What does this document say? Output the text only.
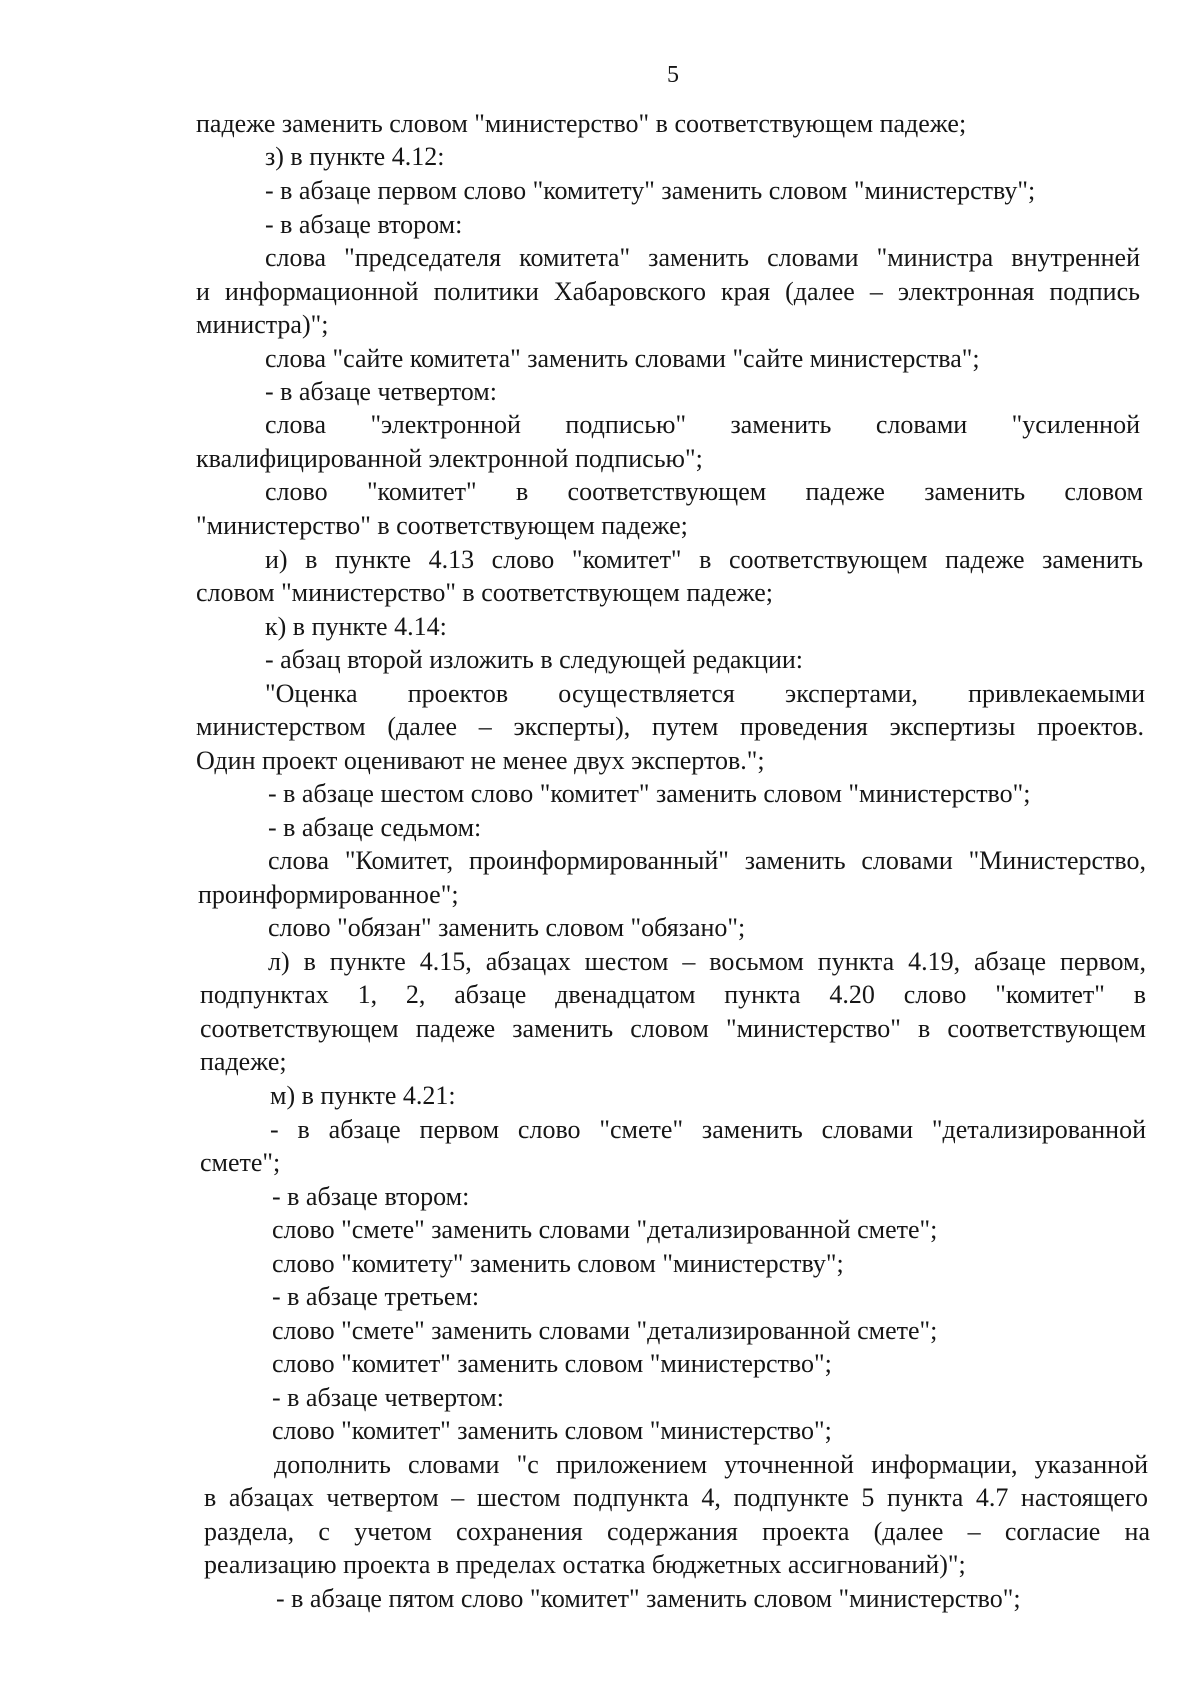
5
падеже заменить словом "министерство" в соответствующем падеже;
з) в пункте 4.12:
- в абзаце первом слово "комитету" заменить словом "министерству";
- в абзаце втором:
слова "председателя комитета" заменить словами "министра внутренней
и информационной политики Хабаровского края (далее – электронная подпись
министра)";
слова "сайте комитета" заменить словами "сайте министерства";
- в абзаце четвертом:
слова "электронной подписью" заменить словами "усиленной
квалифицированной электронной подписью";
слово "комитет" в соответствующем падеже заменить словом
"министерство" в соответствующем падеже;
и) в пункте 4.13 слово "комитет" в соответствующем падеже заменить
словом "министерство" в соответствующем падеже;
к) в пункте 4.14:
- абзац второй изложить в следующей редакции:
"Оценка проектов осуществляется экспертами, привлекаемыми
министерством (далее – эксперты), путем проведения экспертизы проектов.
Один проект оценивают не менее двух экспертов.";
- в абзаце шестом слово "комитет" заменить словом "министерство";
- в абзаце седьмом:
слова "Комитет, проинформированный" заменить словами "Министерство,
проинформированное";
слово "обязан" заменить словом "обязано";
л) в пункте 4.15, абзацах шестом – восьмом пункта 4.19, абзаце первом,
подпунктах 1, 2, абзаце двенадцатом пункта 4.20 слово "комитет" в
соответствующем падеже заменить словом "министерство" в соответствующем
падеже;
м) в пункте 4.21:
- в абзаце первом слово "смете" заменить словами "детализированной
смете";
- в абзаце втором:
слово "смете" заменить словами "детализированной смете";
слово "комитету" заменить словом "министерству";
- в абзаце третьем:
слово "смете" заменить словами "детализированной смете";
слово "комитет" заменить словом "министерство";
- в абзаце четвертом:
слово "комитет" заменить словом "министерство";
дополнить словами "с приложением уточненной информации, указанной
в абзацах четвертом – шестом подпункта 4, подпункте 5 пункта 4.7 настоящего
раздела, с учетом сохранения содержания проекта (далее – согласие на
реализацию проекта в пределах остатка бюджетных ассигнований)";
- в абзаце пятом слово "комитет" заменить словом "министерство";
